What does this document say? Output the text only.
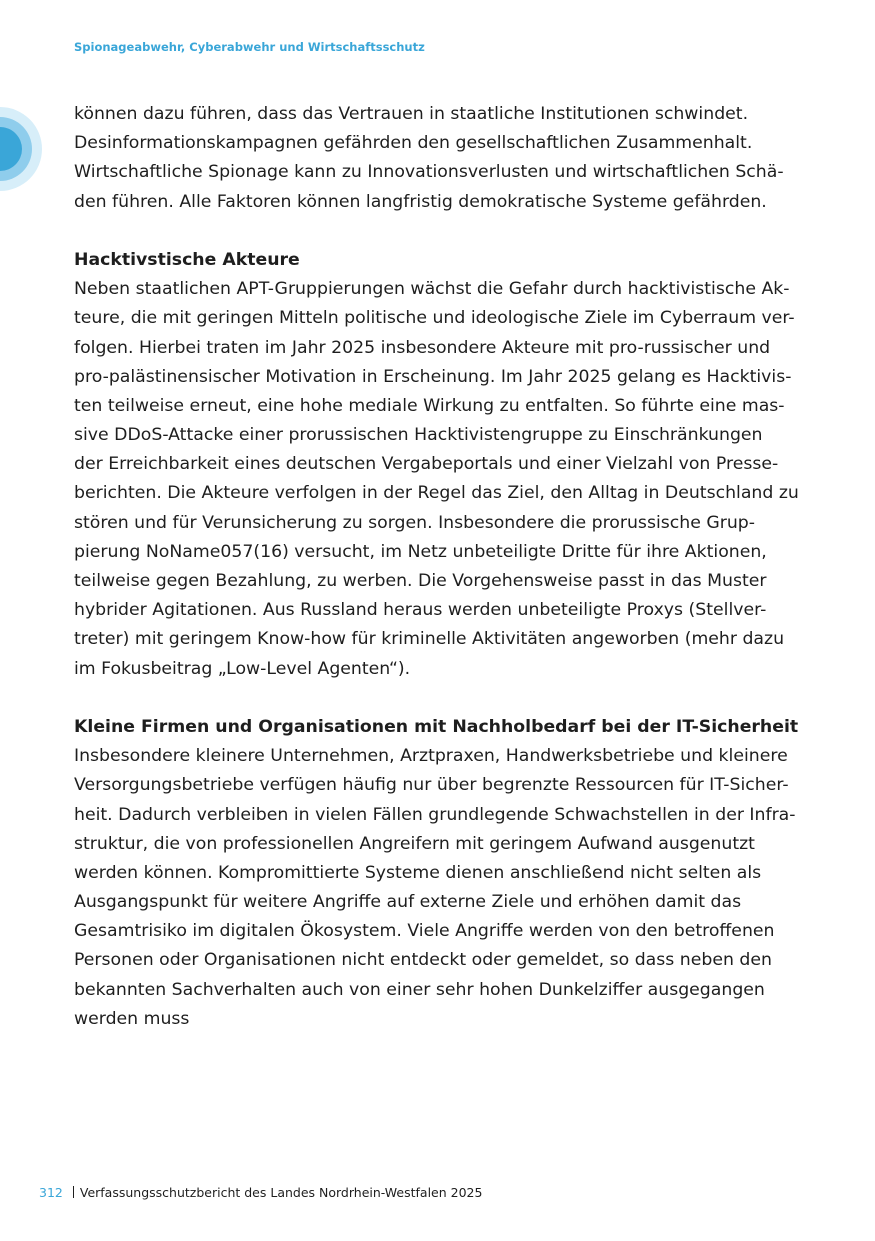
Spionageabwehr, Cyberabwehr und Wirtschaftsschutz
können dazu führen, dass das Vertrauen in staatliche Institutionen schwindet.
Desinformationskampagnen gefährden den gesellschaftlichen Zusammenhalt.
Wirtschaftliche Spionage kann zu Innovationsverlusten und wirtschaftlichen Schä-
den führen. Alle Faktoren können langfristig demokratische Systeme gefährden.
Hacktivstische Akteure
Neben staatlichen APT-Gruppierungen wächst die Gefahr durch hacktivistische Ak-
teure, die mit geringen Mitteln politische und ideologische Ziele im Cyberraum ver-
folgen. Hierbei traten im Jahr 2025 insbesondere Akteure mit pro-russischer und
pro-palästinensischer Motivation in Erscheinung. Im Jahr 2025 gelang es Hacktivis-
ten teilweise erneut, eine hohe mediale Wirkung zu entfalten. So führte eine mas-
sive DDoS-Attacke einer prorussischen Hacktivistengruppe zu Einschränkungen
der Erreichbarkeit eines deutschen Vergabeportals und einer Vielzahl von Presse-
berichten. Die Akteure verfolgen in der Regel das Ziel, den Alltag in Deutschland zu
stören und für Verunsicherung zu sorgen. Insbesondere die prorussische Grup-
pierung NoName057(16) versucht, im Netz unbeteiligte Dritte für ihre Aktionen,
teilweise gegen Bezahlung, zu werben. Die Vorgehensweise passt in das Muster
hybrider Agitationen. Aus Russland heraus werden unbeteiligte Proxys (Stellver-
treter) mit geringem Know-how für kriminelle Aktivitäten angeworben (mehr dazu
im Fokusbeitrag „Low-Level Agenten“).
Kleine Firmen und Organisationen mit Nachholbedarf bei der IT-Sicherheit
Insbesondere kleinere Unternehmen, Arztpraxen, Handwerksbetriebe und kleinere
Versorgungsbetriebe verfügen häufig nur über begrenzte Ressourcen für IT-Sicher-
heit. Dadurch verbleiben in vielen Fällen grundlegende Schwachstellen in der Infra-
struktur, die von professionellen Angreifern mit geringem Aufwand ausgenutzt
werden können. Kompromittierte Systeme dienen anschließend nicht selten als
Ausgangspunkt für weitere Angriffe auf externe Ziele und erhöhen damit das
Gesamtrisiko im digitalen Ökosystem. Viele Angriffe werden von den betroffenen
Personen oder Organisationen nicht entdeckt oder gemeldet, so dass neben den
bekannten Sachverhalten auch von einer sehr hohen Dunkelziffer ausgegangen
werden muss
312 Verfassungsschutzbericht des Landes Nordrhein-Westfalen 2025
